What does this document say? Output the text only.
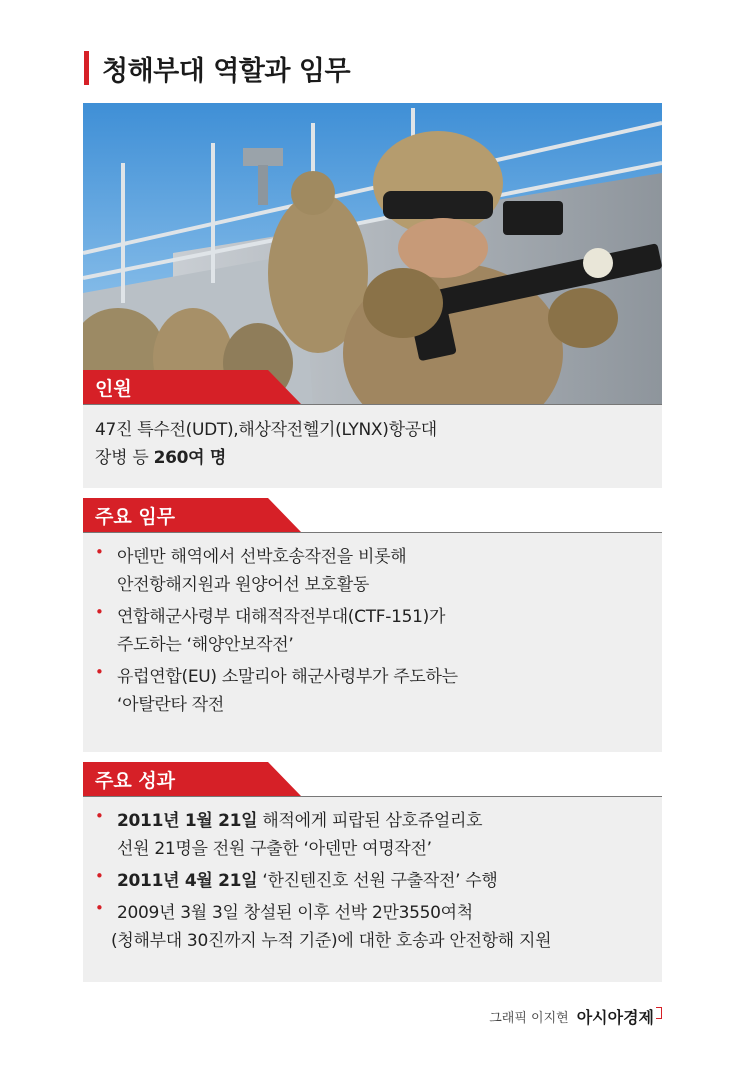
청해부대 역할과 임무
인원
47진 특수전(UDT),해상작전헬기(LYNX)항공대
장병 등 260여 명
주요 임무
• 아덴만 해역에서 선박호송작전을 비롯해
안전항해지원과 원양어선 보호활동
• 연합해군사령부 대해적작전부대(CTF-151)가
주도하는 ‘해양안보작전’
• 유럽연합(EU) 소말리아 해군사령부가 주도하는
‘아탈란타 작전
주요 성과
• 2011년 1월 21일 해적에게 피랍된 삼호쥬얼리호
선원 21명을 전원 구출한 ‘아덴만 여명작전’
• 2011년 4월 21일 ‘한진텐진호 선원 구출작전’ 수행
• 2009년 3월 3일 창설된 이후 선박 2만3550여척
(청해부대 30진까지 누적 기준)에 대한 호송과 안전항해 지원
그래픽 이지현 아시아경제
